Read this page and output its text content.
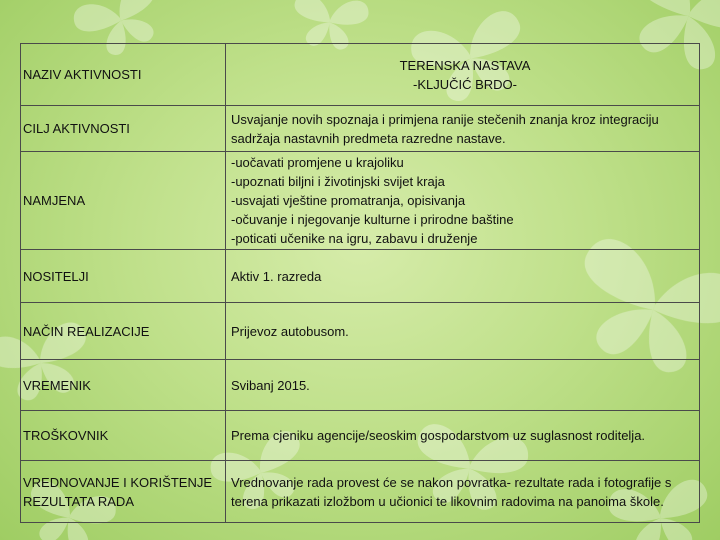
NAZIV AKTIVNOSTI	TERENSKA NASTAVA
-KLJUČIĆ BRDO-
CILJ AKTIVNOSTI	Usvajanje novih spoznaja i primjena ranije stečenih znanja kroz integraciju sadržaja nastavnih predmeta razredne nastave.
NAMJENA	-uočavati promjene u krajoliku
-upoznati biljni i životinjski svijet kraja
-usvajati vještine promatranja, opisivanja
-očuvanje i njegovanje kulturne i prirodne baštine
-poticati učenike na igru, zabavu i druženje
NOSITELJI	Aktiv 1. razreda
NAČIN REALIZACIJE	Prijevoz autobusom.
VREMENIK	Svibanj 2015.
TROŠKOVNIK	Prema cjeniku agencije/seoskim gospodarstvom uz suglasnost roditelja.
VREDNOVANJE I KORIŠTENJE REZULTATA RADA	Vrednovanje rada provest će se nakon povratka- rezultate rada i fotografije s terena prikazati izložbom u učionici te likovnim radovima na panoima škole.
